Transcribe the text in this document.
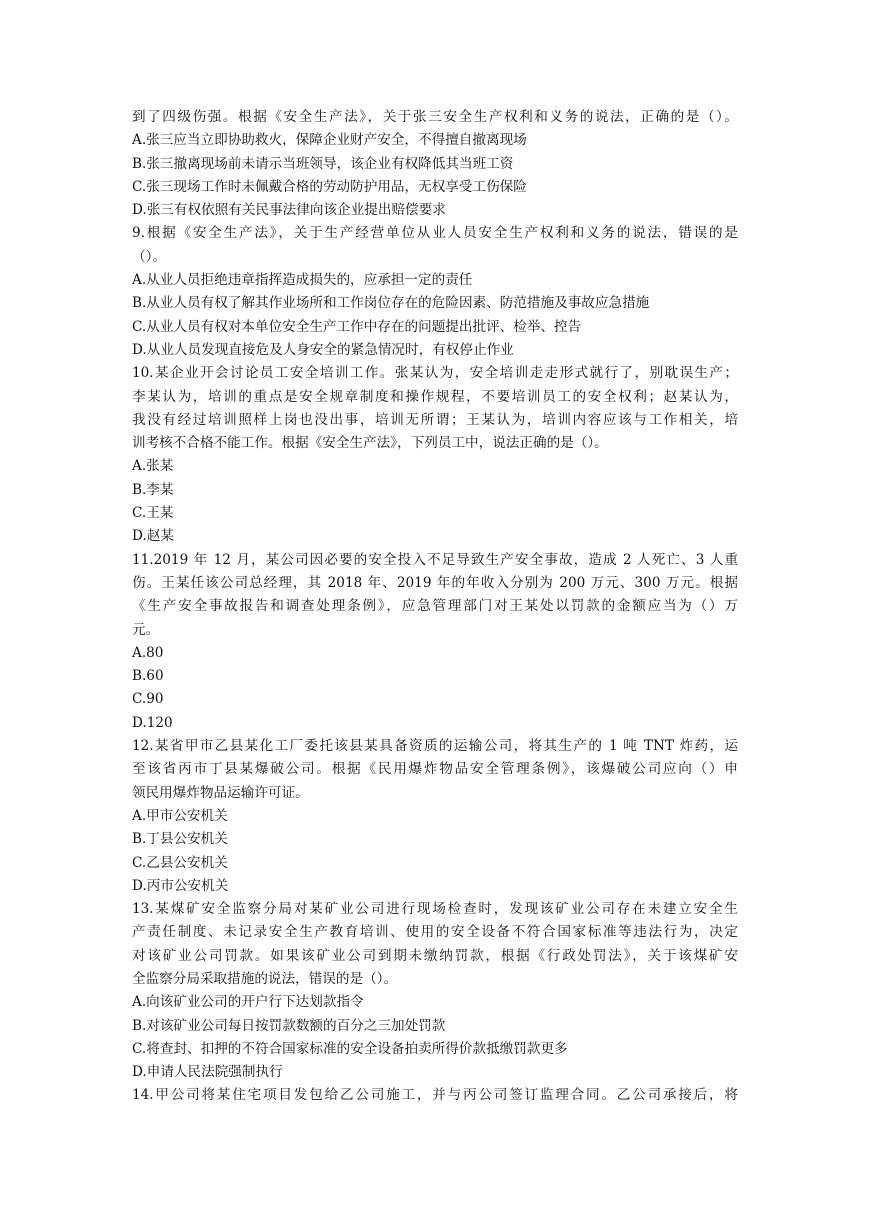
到了四级伤强。根据《安全生产法》，关于张三安全生产权利和义务的说法，正确的是（）。
A.张三应当立即协助救火，保障企业财产安全，不得擅自撤离现场
B.张三撤离现场前未请示当班领导，该企业有权降低其当班工资
C.张三现场工作时未佩戴合格的劳动防护用品，无权享受工伤保险
D.张三有权依照有关民事法律向该企业提出赔偿要求
9.根据《安全生产法》，关于生产经营单位从业人员安全生产权利和义务的说法，错误的是
（）。
A.从业人员拒绝违章指挥造成损失的，应承担一定的责任
B.从业人员有权了解其作业场所和工作岗位存在的危险因素、防范措施及事故应急措施
C.从业人员有权对本单位安全生产工作中存在的问题提出批评、检举、控告
D.从业人员发现直接危及人身安全的紧急情况时，有权停止作业
10.某企业开会讨论员工安全培训工作。张某认为，安全培训走走形式就行了，别耽误生产；
李某认为，培训的重点是安全规章制度和操作规程，不要培训员工的安全权利；赵某认为，
我没有经过培训照样上岗也没出事，培训无所谓；王某认为，培训内容应该与工作相关，培
训考核不合格不能工作。根据《安全生产法》，下列员工中，说法正确的是（）。
A.张某
B.李某
C.王某
D.赵某
11.2019 年 12 月，某公司因必要的安全投入不足导致生产安全事故，造成 2 人死亡、3 人重
伤。王某任该公司总经理，其 2018 年、2019 年的年收入分别为 200 万元、300 万元。根据
《生产安全事故报告和调查处理条例》，应急管理部门对王某处以罚款的金额应当为（）万
元。
A.80
B.60
C.90
D.120
12.某省甲市乙县某化工厂委托该县某具备资质的运输公司，将其生产的 1 吨 TNT 炸药，运
至该省丙市丁县某爆破公司。根据《民用爆炸物品安全管理条例》，该爆破公司应向（）申
领民用爆炸物品运输许可证。
A.甲市公安机关
B.丁县公安机关
C.乙县公安机关
D.丙市公安机关
13.某煤矿安全监察分局对某矿业公司进行现场检查时，发现该矿业公司存在未建立安全生
产责任制度、未记录安全生产教育培训、使用的安全设备不符合国家标准等违法行为，决定
对该矿业公司罚款。如果该矿业公司到期未缴纳罚款，根据《行政处罚法》，关于该煤矿安
全监察分局采取措施的说法，错误的是（）。
A.向该矿业公司的开户行下达划款指令
B.对该矿业公司每日按罚款数额的百分之三加处罚款
C.将查封、扣押的不符合国家标准的安全设备拍卖所得价款抵缴罚款更多
D.申请人民法院强制执行
14.甲公司将某住宅项目发包给乙公司施工，并与丙公司签订监理合同。乙公司承接后，将
